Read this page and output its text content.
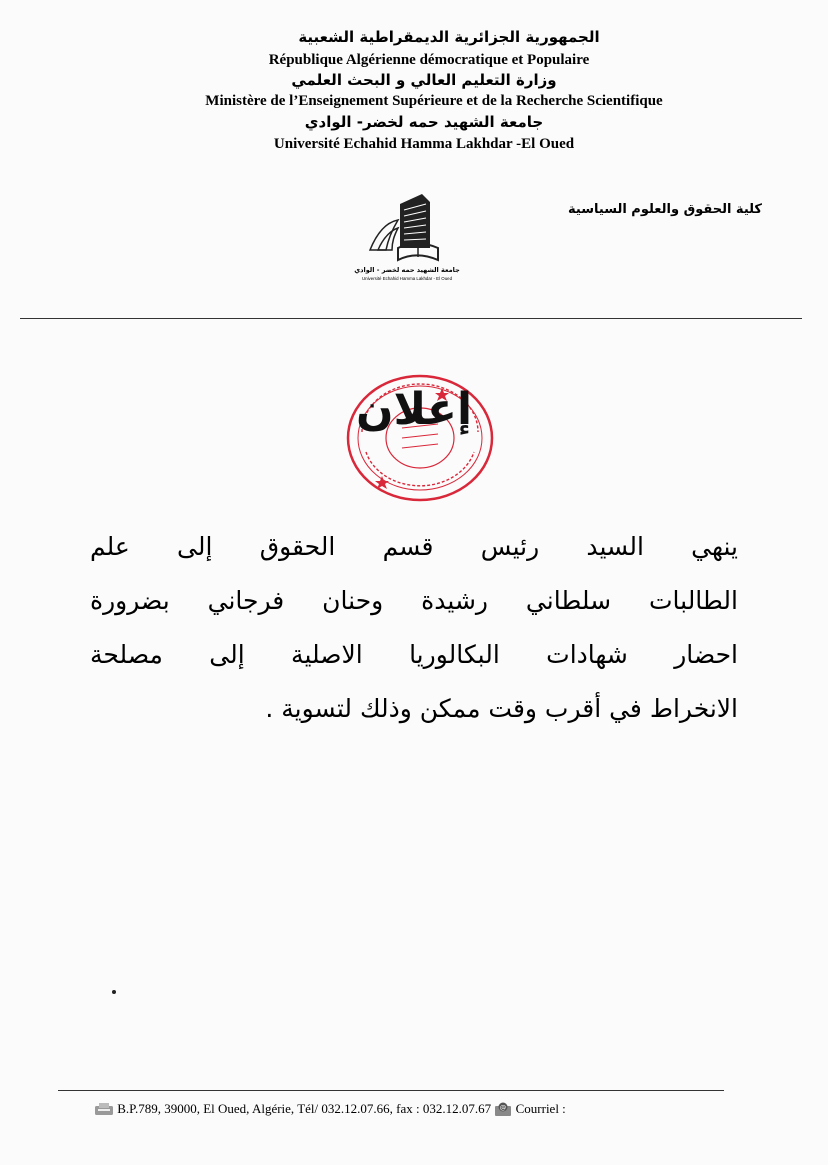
الجمهورية الجزائرية الديمقراطية الشعبية
République Algérienne démocratique et Populaire
وزارة التعليم العالي و البحث العلمي
Ministère de l’Enseignement Supérieure et de la Recherche Scientifique
جامعة الشهيد حمه لخضر- الوادي
Université Echahid Hamma Lakhdar -El Oued
كلية الحقوق والعلوم السياسية
جامعة الشهيد حمه لخضر - الوادي
Université Echahid Hamma Lakhdar - El Oued
إعلان
ينهي السيد رئيس قسم الحقوق إلى علم
الطالبات سلطاني رشيدة وحنان فرجاني بضرورة
احضار شهادات البكالوريا الاصلية إلى مصلحة
الانخراط في أقرب وقت ممكن وذلك لتسوية .
B.P.789, 39000, El Oued, Algérie, Tél/ 032.12.07.66, fax : 032.12.07.67 @ Courriel :
